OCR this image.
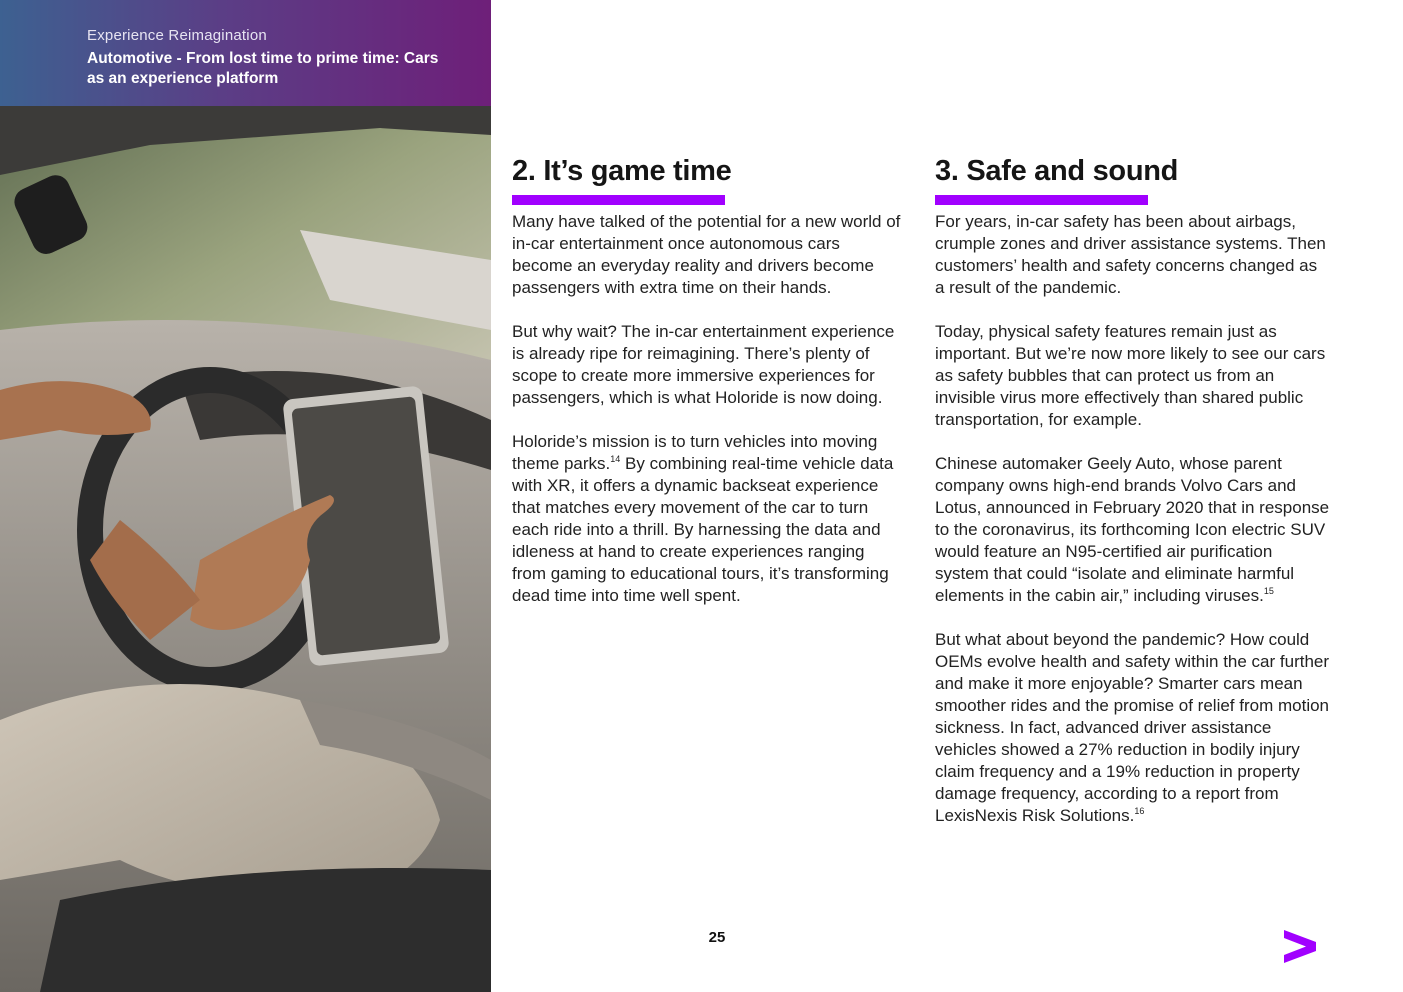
Experience Reimagination
Automotive - From lost time to prime time: Cars as an experience platform
2. It’s game time

Many have talked of the potential for a new world of in-car entertainment once autonomous cars become an everyday reality and drivers become passengers with extra time on their hands.

But why wait? The in-car entertainment experience is already ripe for reimagining. There’s plenty of scope to create more immersive experiences for passengers, which is what Holoride is now doing.

Holoride’s mission is to turn vehicles into moving theme parks.$^{14}$ By combining real-time vehicle data with XR, it offers a dynamic backseat experience that matches every movement of the car to turn each ride into a thrill. By harnessing the data and idleness at hand to create experiences ranging from gaming to educational tours, it’s transforming dead time into time well spent.

3. Safe and sound

For years, in-car safety has been about airbags, crumple zones and driver assistance systems. Then customers’ health and safety concerns changed as a result of the pandemic.

Today, physical safety features remain just as important. But we’re now more likely to see our cars as safety bubbles that can protect us from an invisible virus more effectively than shared public transportation, for example.

Chinese automaker Geely Auto, whose parent company owns high-end brands Volvo Cars and Lotus, announced in February 2020 that in response to the coronavirus, its forthcoming Icon electric SUV would feature an N95-certified air purification system that could “isolate and eliminate harmful elements in the cabin air,” including viruses.$^{15}$

But what about beyond the pandemic? How could OEMs evolve health and safety within the car further and make it more enjoyable? Smarter cars mean smoother rides and the promise of relief from motion sickness. In fact, advanced driver assistance vehicles showed a 27% reduction in bodily injury claim frequency and a 19% reduction in property damage frequency, according to a report from LexisNexis Risk Solutions.$^{16}$

25
